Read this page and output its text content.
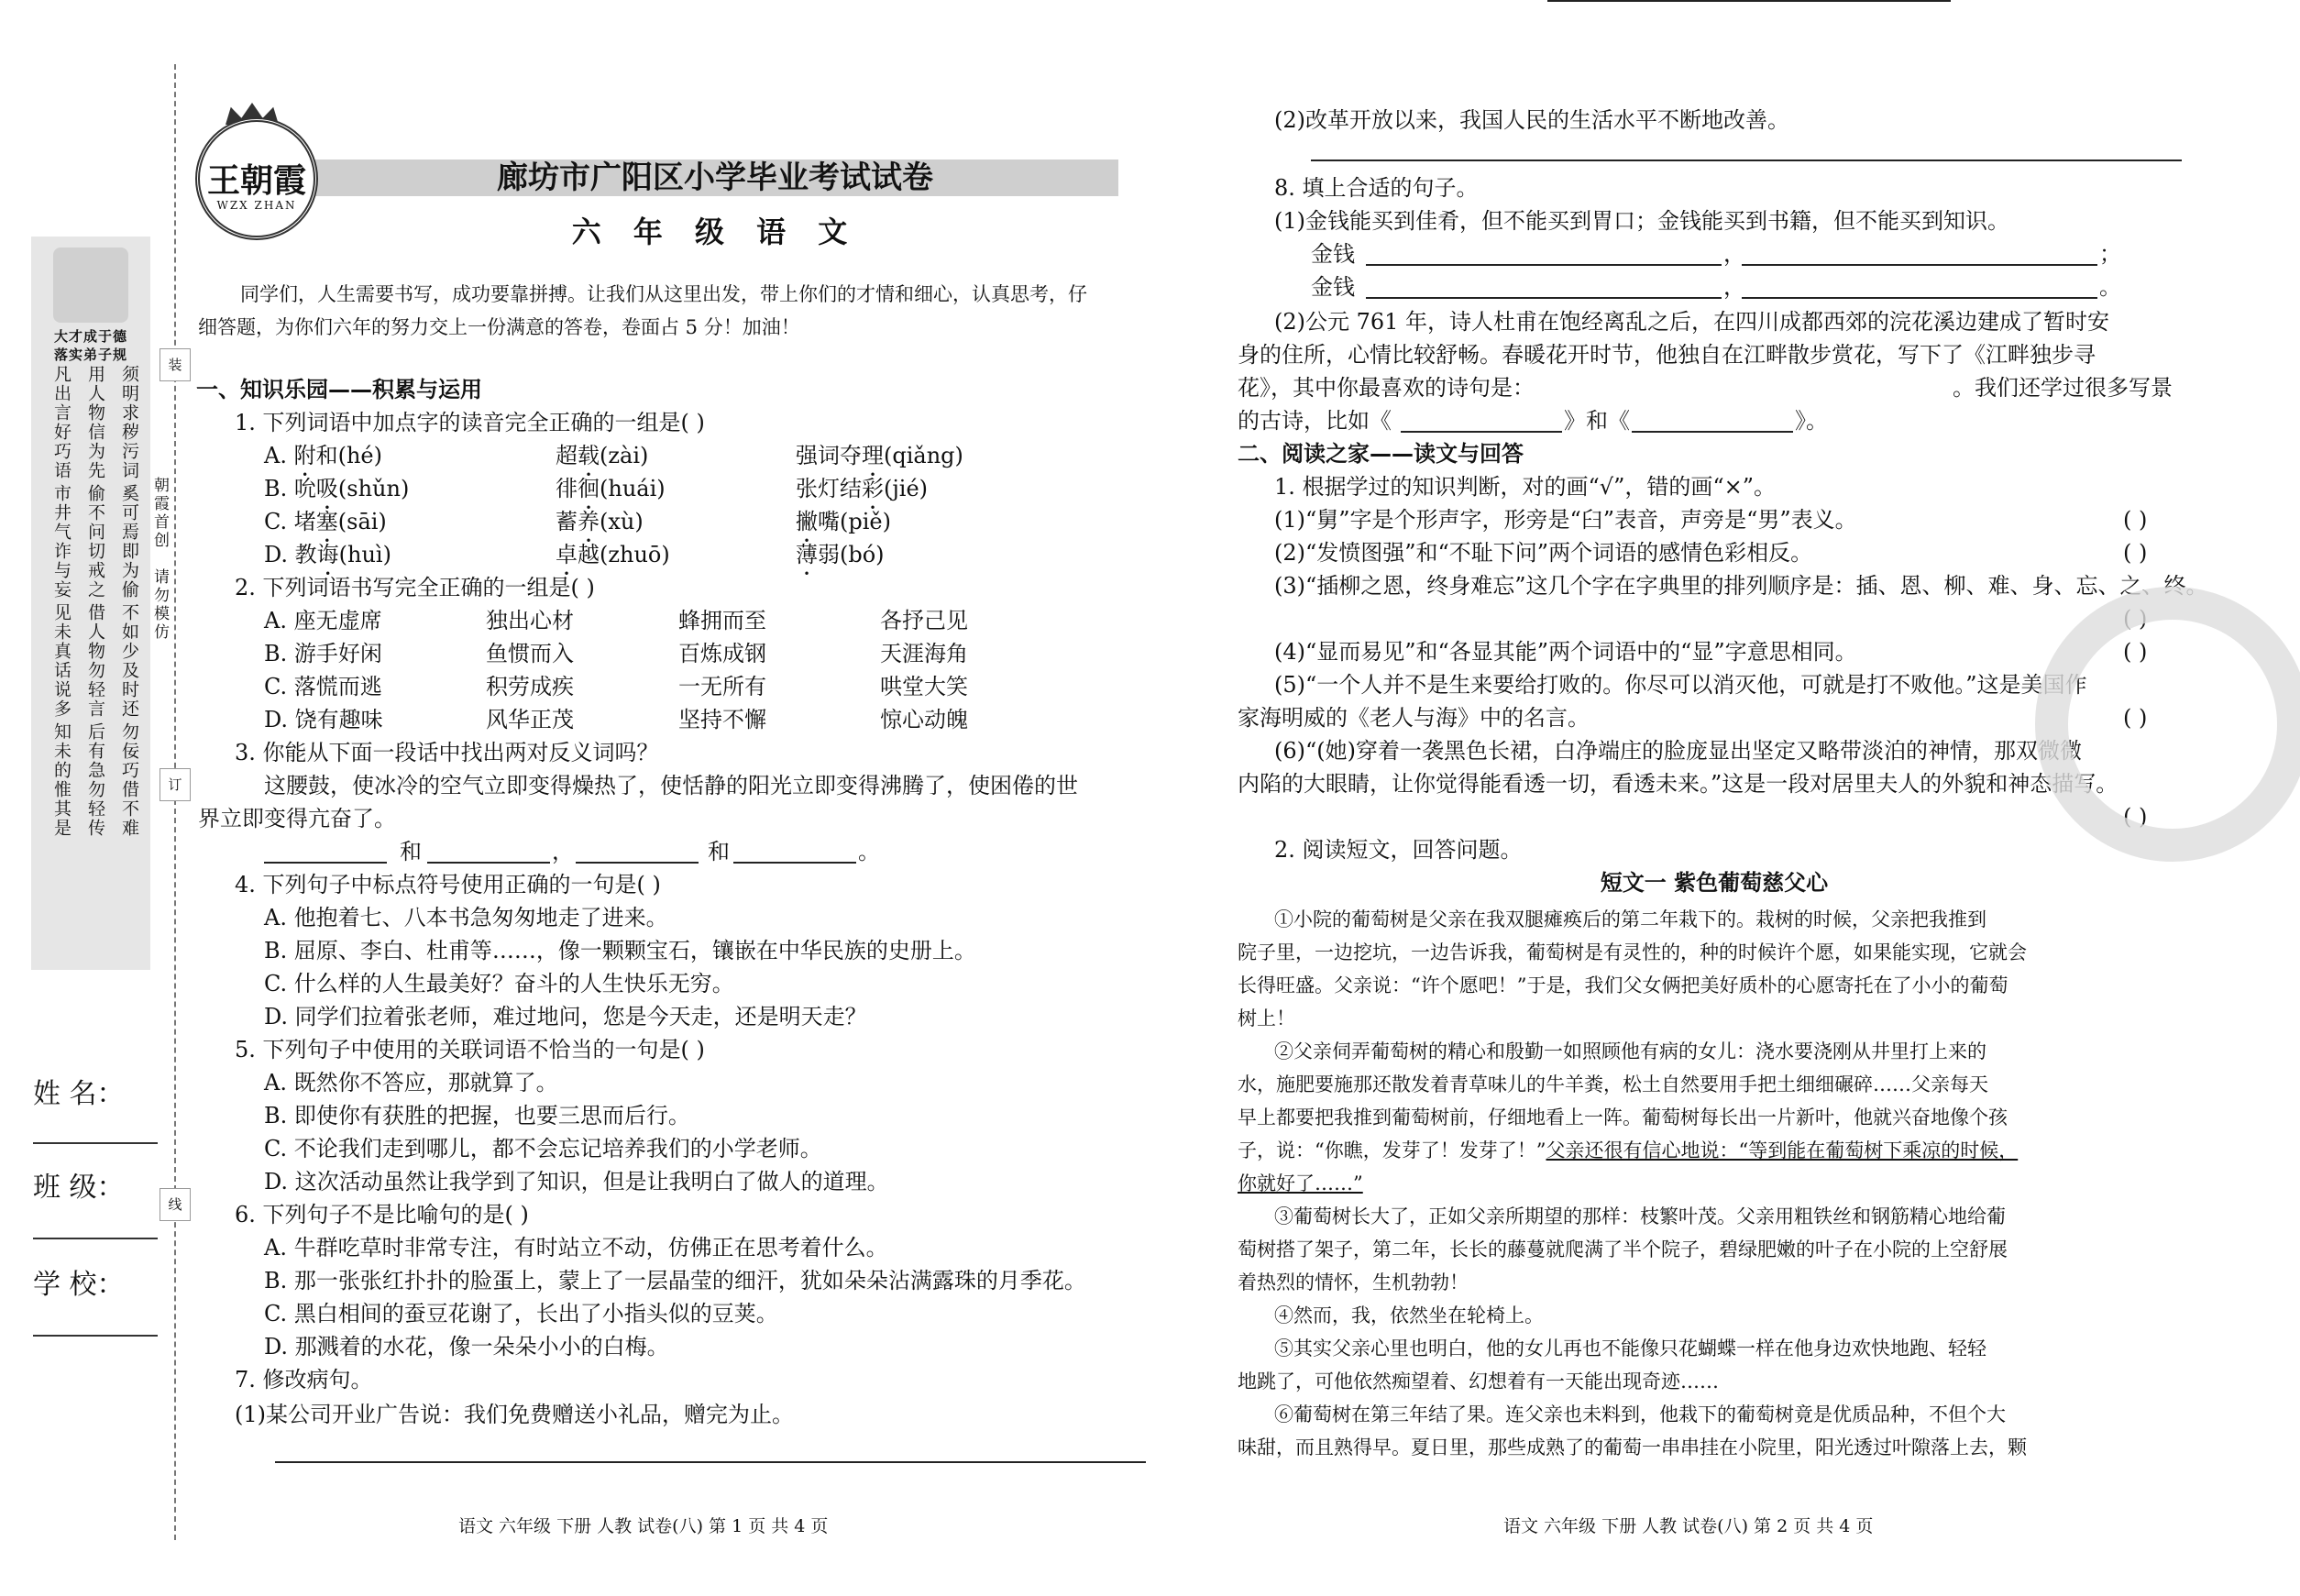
大才成于德
落实弟子规
凡出言好巧语 用人物信为先 须明求秽污词
市井气诈与妄 偷不问切戒之 奚可焉即为偷
见未真话说多 借人物勿轻言 不如少及时还
知未的惟其是 后有急勿轻传 勿佞巧借不难
装
订
线
朝霞首创
请勿模仿
姓 名：
班 级：
学 校：
王朝霞
WZX ZHAN
廊坊市广阳区小学毕业考试试卷
六 年 级 语 文
同学们，人生需要书写，成功要靠拼搏。让我们从这里出发，带上你们的才情和细心，认真思考，仔
细答题，为你们六年的努力交上一份满意的答卷，卷面占 5 分！加油！
一、知识乐园——积累与运用
1. 下列词语中加点字的读音完全正确的一组是( )
A. 附和(hé)	超载(zài)	强词夺理(qiǎng)
B. 吮吸(shǔn)	徘徊(huái)	张灯结彩(jié)
C. 堵塞(sāi)	蓄养(xù)	撇嘴(piě)
D. 教诲(huì)	卓越(zhuō)	薄弱(bó)
2. 下列词语书写完全正确的一组是( )
A. 座无虚席	独出心材	蜂拥而至	各抒己见
B. 游手好闲	鱼惯而入	百炼成钢	天涯海角
C. 落慌而逃	积劳成疾	一无所有	哄堂大笑
D. 饶有趣味	风华正茂	坚持不懈	惊心动魄
3. 你能从下面一段话中找出两对反义词吗？
这腰鼓，使冰冷的空气立即变得燥热了，使恬静的阳光立即变得沸腾了，使困倦的世
界立即变得亢奋了。
和	，	和	。
4. 下列句子中标点符号使用正确的一句是( )
A. 他抱着七、八本书急匆匆地走了进来。
B. 屈原、李白、杜甫等……，像一颗颗宝石，镶嵌在中华民族的史册上。
C. 什么样的人生最美好？奋斗的人生快乐无穷。
D. 同学们拉着张老师，难过地问，您是今天走，还是明天走？
5. 下列句子中使用的关联词语不恰当的一句是( )
A. 既然你不答应，那就算了。
B. 即使你有获胜的把握，也要三思而后行。
C. 不论我们走到哪儿，都不会忘记培养我们的小学老师。
D. 这次活动虽然让我学到了知识，但是让我明白了做人的道理。
6. 下列句子不是比喻句的是( )
A. 牛群吃草时非常专注，有时站立不动，仿佛正在思考着什么。
B. 那一张张红扑扑的脸蛋上，蒙上了一层晶莹的细汗，犹如朵朵沾满露珠的月季花。
C. 黑白相间的蚕豆花谢了，长出了小指头似的豆荚。
D. 那溅着的水花，像一朵朵小小的白梅。
7. 修改病句。
(1)某公司开业广告说：我们免费赠送小礼品，赠完为止。
(2)改革开放以来，我国人民的生活水平不断地改善。
8. 填上合适的句子。
(1)金钱能买到佳肴，但不能买到胃口；金钱能买到书籍，但不能买到知识。
金钱	，	；
金钱	，	。
(2)公元 761 年，诗人杜甫在饱经离乱之后，在四川成都西郊的浣花溪边建成了暂时安
身的住所，心情比较舒畅。春暖花开时节，他独自在江畔散步赏花，写下了《江畔独步寻
花》，其中你最喜欢的诗句是：	。我们还学过很多写景
的古诗，比如《	》和《	》。
二、阅读之家——读文与回答
1. 根据学过的知识判断，对的画“√”，错的画“×”。
(1)“舅”字是个形声字，形旁是“臼”表音，声旁是“男”表义。	( )
(2)“发愤图强”和“不耻下问”两个词语的感情色彩相反。	( )
(3)“插柳之恩，终身难忘”这几个字在字典里的排列顺序是：插、恩、柳、难、身、忘、之、终。
( )
(4)“显而易见”和“各显其能”两个词语中的“显”字意思相同。	( )
(5)“一个人并不是生来要给打败的。你尽可以消灭他，可就是打不败他。”这是美国作
家海明威的《老人与海》中的名言。	( )
(6)“(她)穿着一袭黑色长裙，白净端庄的脸庞显出坚定又略带淡泊的神情，那双微微
内陷的大眼睛，让你觉得能看透一切，看透未来。”这是一段对居里夫人的外貌和神态描写。
( )
2. 阅读短文，回答问题。
短文一 紫色葡萄慈父心
①小院的葡萄树是父亲在我双腿瘫痪后的第二年栽下的。栽树的时候，父亲把我推到
院子里，一边挖坑，一边告诉我，葡萄树是有灵性的，种的时候许个愿，如果能实现，它就会
长得旺盛。父亲说：“许个愿吧！”于是，我们父女俩把美好质朴的心愿寄托在了小小的葡萄
树上！
②父亲伺弄葡萄树的精心和殷勤一如照顾他有病的女儿：浇水要浇刚从井里打上来的
水，施肥要施那还散发着青草味儿的牛羊粪，松土自然要用手把土细细碾碎……父亲每天
早上都要把我推到葡萄树前，仔细地看上一阵。葡萄树每长出一片新叶，他就兴奋地像个孩
子，说：“你瞧，发芽了！发芽了！”父亲还很有信心地说：“等到能在葡萄树下乘凉的时候，
你就好了……”
③葡萄树长大了，正如父亲所期望的那样：枝繁叶茂。父亲用粗铁丝和钢筋精心地给葡
萄树搭了架子，第二年，长长的藤蔓就爬满了半个院子，碧绿肥嫩的叶子在小院的上空舒展
着热烈的情怀，生机勃勃！
④然而，我，依然坐在轮椅上。
⑤其实父亲心里也明白，他的女儿再也不能像只花蝴蝶一样在他身边欢快地跑、轻轻
地跳了，可他依然痴望着、幻想着有一天能出现奇迹……
⑥葡萄树在第三年结了果。连父亲也未料到，他栽下的葡萄树竟是优质品种，不但个大
味甜，而且熟得早。夏日里，那些成熟了的葡萄一串串挂在小院里，阳光透过叶隙落上去，颗
语文 六年级 下册 人教 试卷(八) 第 1 页 共 4 页	语文 六年级 下册 人教 试卷(八) 第 2 页 共 4 页
